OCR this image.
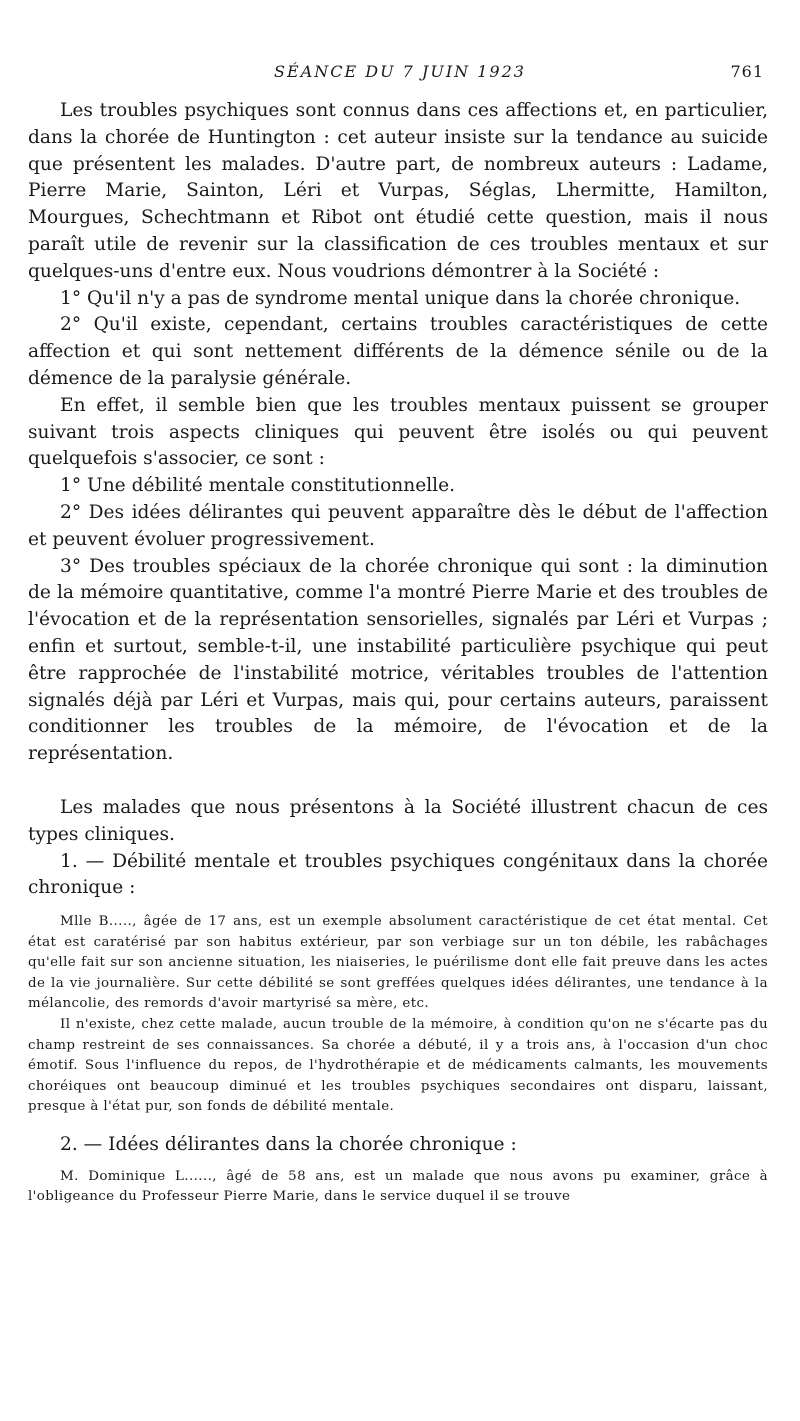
SÉANCE DU 7 JUIN 1923	761

Les troubles psychiques sont connus dans ces affections et, en particulier, dans la chorée de Huntington : cet auteur insiste sur la tendance au suicide que présentent les malades. D'autre part, de nombreux auteurs : Ladame, Pierre Marie, Sainton, Léri et Vurpas, Séglas, Lhermitte, Hamilton, Mourgues, Schechtmann et Ribot ont étudié cette question, mais il nous paraît utile de revenir sur la classification de ces troubles mentaux et sur quelques-uns d'entre eux. Nous voudrions démontrer à la Société :

1° Qu'il n'y a pas de syndrome mental unique dans la chorée chronique.

2° Qu'il existe, cependant, certains troubles caractéristiques de cette affection et qui sont nettement différents de la démence sénile ou de la démence de la paralysie générale.

En effet, il semble bien que les troubles mentaux puissent se grouper suivant trois aspects cliniques qui peuvent être isolés ou qui peuvent quelquefois s'associer, ce sont :

1° Une débilité mentale constitutionnelle.

2° Des idées délirantes qui peuvent apparaître dès le début de l'affection et peuvent évoluer progressivement.

3° Des troubles spéciaux de la chorée chronique qui sont : la diminution de la mémoire quantitative, comme l'a montré Pierre Marie et des troubles de l'évocation et de la représentation sensorielles, signalés par Léri et Vurpas ; enfin et surtout, semble-t-il, une instabilité particulière psychique qui peut être rapprochée de l'instabilité motrice, véritables troubles de l'attention signalés déjà par Léri et Vurpas, mais qui, pour certains auteurs, paraissent conditionner les troubles de la mémoire, de l'évocation et de la représentation.

Les malades que nous présentons à la Société illustrent chacun de ces types cliniques.

1. — Débilité mentale et troubles psychiques congénitaux dans la chorée chronique :

Mlle B....., âgée de 17 ans, est un exemple absolument caractéristique de cet état mental. Cet état est caratérisé par son habitus extérieur, par son verbiage sur un ton débile, les rabâchages qu'elle fait sur son ancienne situation, les niaiseries, le puérilisme dont elle fait preuve dans les actes de la vie journalière. Sur cette débilité se sont greffées quelques idées délirantes, une tendance à la mélancolie, des remords d'avoir martyrisé sa mère, etc.

Il n'existe, chez cette malade, aucun trouble de la mémoire, à condition qu'on ne s'écarte pas du champ restreint de ses connaissances. Sa chorée a débuté, il y a trois ans, à l'occasion d'un choc émotif. Sous l'influence du repos, de l'hydrothérapie et de médicaments calmants, les mouvements choréiques ont beaucoup diminué et les troubles psychiques secondaires ont disparu, laissant, presque à l'état pur, son fonds de débilité mentale.

2. — Idées délirantes dans la chorée chronique :

M. Dominique L......, âgé de 58 ans, est un malade que nous avons pu examiner, grâce à l'obligeance du Professeur Pierre Marie, dans le service duquel il se trouve
